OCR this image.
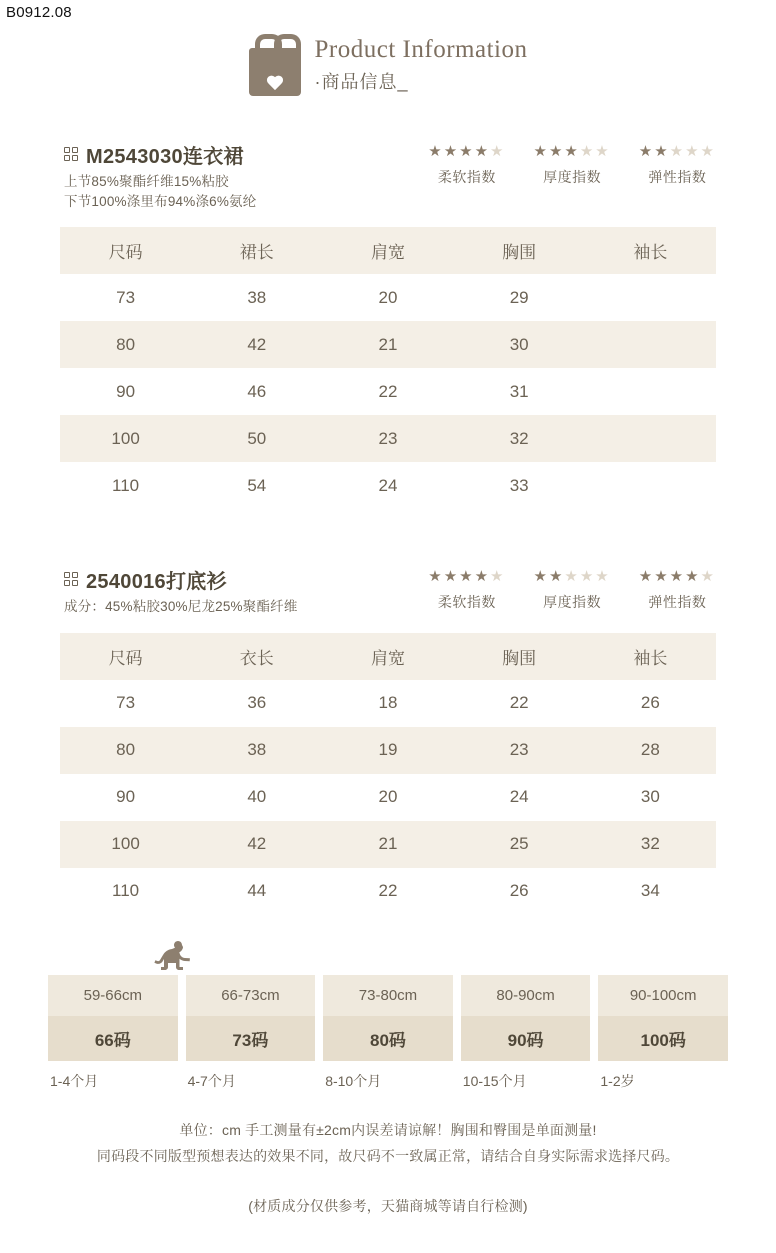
B0912.08
Product Information
·商品信息_
M2543030连衣裙
上节85%聚酯纤维15%粘胶
下节100%涤里布94%涤6%氨纶
★★★★★
柔软指数
★★★★★
厚度指数
★★★★★
弹性指数
尺码	裙长	肩宽	胸围	袖长
73	38	20	29	
80	42	21	30	
90	46	22	31	
100	50	23	32	
110	54	24	33	
2540016打底衫
成分：45%粘胶30%尼龙25%聚酯纤维
★★★★★
柔软指数
★★★★★
厚度指数
★★★★★
弹性指数
尺码	衣长	肩宽	胸围	袖长
73	36	18	22	26
80	38	19	23	28
90	40	20	24	30
100	42	21	25	32
110	44	22	26	34
59-66cm
66码
1-4个月
66-73cm
73码
4-7个月
73-80cm
80码
8-10个月
80-90cm
90码
10-15个月
90-100cm
100码
1-2岁
单位：cm 手工测量有±2cm内误差请谅解！胸围和臀围是单面测量!
同码段不同版型预想表达的效果不同，故尺码不一致属正常，请结合自身实际需求选择尺码。
(材质成分仅供参考，天猫商城等请自行检测)
